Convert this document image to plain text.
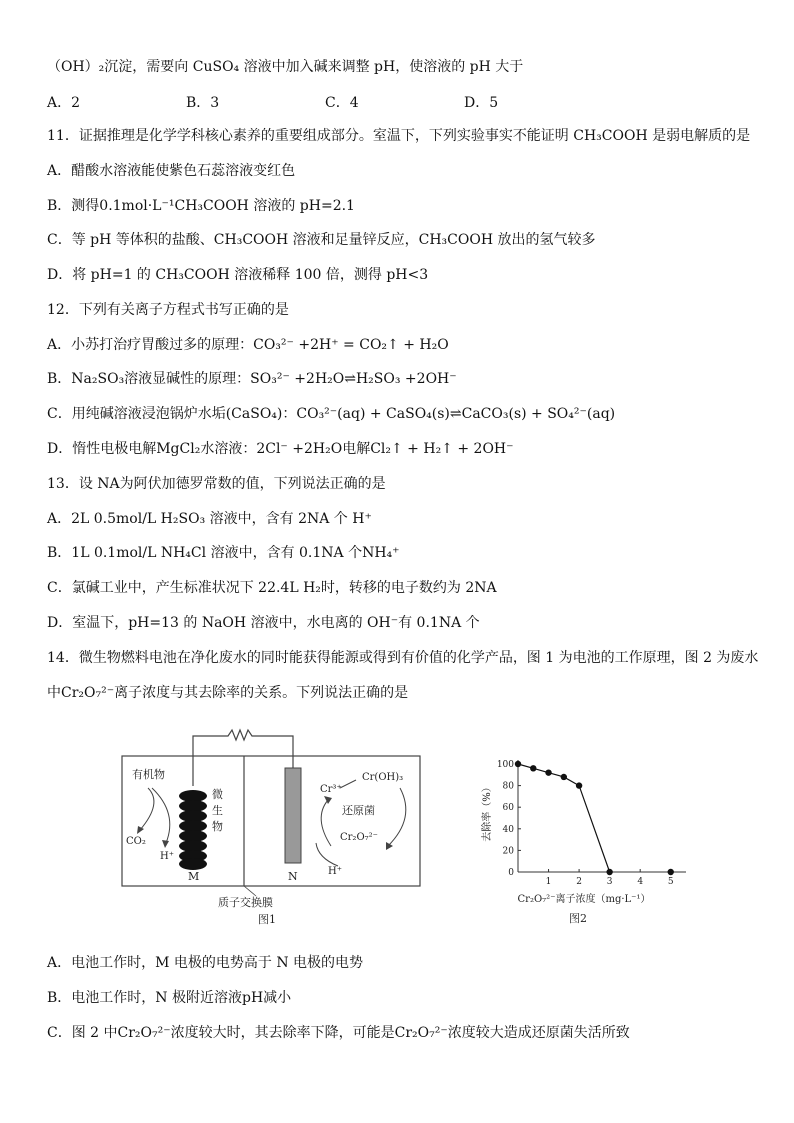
（OH）₂沉淀，需要向 CuSO₄ 溶液中加入碱来调整 pH，使溶液的 pH 大于
A．2	B．3	C．4	D．5
11．证据推理是化学学科核心素养的重要组成部分。室温下，下列实验事实不能证明 CH₃COOH 是弱电解质的是
A．醋酸水溶液能使紫色石蕊溶液变红色
B．测得0.1mol·L⁻¹CH₃COOH 溶液的 pH=2.1
C．等 pH 等体积的盐酸、CH₃COOH 溶液和足量锌反应，CH₃COOH 放出的氢气较多
D．将 pH=1 的 CH₃COOH 溶液稀释 100 倍，测得 pH<3
12．下列有关离子方程式书写正确的是
A．小苏打治疗胃酸过多的原理：CO₃²⁻ +2H⁺ = CO₂↑ + H₂O
B．Na₂SO₃溶液显碱性的原理：SO₃²⁻ +2H₂O⇌H₂SO₃ +2OH⁻
C．用纯碱溶液浸泡锅炉水垢(CaSO₄)：CO₃²⁻(aq) + CaSO₄(s)⇌CaCO₃(s) + SO₄²⁻(aq)
D．惰性电极电解MgCl₂水溶液：2Cl⁻ +2H₂O电解Cl₂↑ + H₂↑ + 2OH⁻
13．设 NA为阿伏加德罗常数的值，下列说法正确的是
A．2L 0.5mol/L H₂SO₃ 溶液中，含有 2NA 个 H⁺
B．1L 0.1mol/L NH₄Cl 溶液中，含有 0.1NA 个NH₄⁺
C．氯碱工业中，产生标准状况下 22.4L H₂时，转移的电子数约为 2NA
D．室温下，pH=13 的 NaOH 溶液中，水电离的 OH⁻有 0.1NA 个
14．微生物燃料电池在净化废水的同时能获得能源或得到有价值的化学产品，图 1 为电池的工作原理，图 2 为废水
中Cr₂O₇²⁻离子浓度与其去除率的关系。下列说法正确的是
有机物
CO₂
H⁺
微
生
物
M	N
Cr(OH)₃
Cr³⁺
还原菌
Cr₂O₇²⁻
H⁺
质子交换膜
图1
0
20
40
60
80
100
1	2	3	4	5
去除率（%）
Cr₂O₇²⁻离子浓度（mg·L⁻¹）
图2
A．电池工作时，M 电极的电势高于 N 电极的电势
B．电池工作时，N 极附近溶液pH减小
C．图 2 中Cr₂O₇²⁻浓度较大时，其去除率下降，可能是Cr₂O₇²⁻浓度较大造成还原菌失活所致
